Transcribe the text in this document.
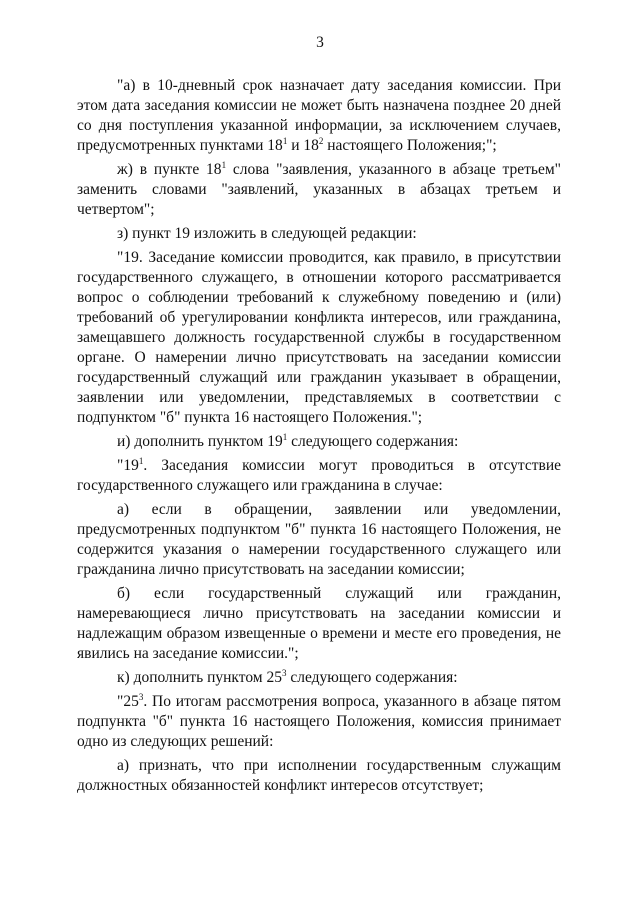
3

"а) в 10-дневный срок назначает дату заседания комиссии. При этом дата заседания комиссии не может быть назначена позднее 20 дней со дня поступления указанной информации, за исключением случаев, предусмотренных пунктами $18^1$ и $18^2$ настоящего Положения;";

ж) в пункте $18^1$ слова "заявления, указанного в абзаце третьем" заменить словами "заявлений, указанных в абзацах третьем и четвертом";

з) пункт 19 изложить в следующей редакции:

"19. Заседание комиссии проводится, как правило, в присутствии государственного служащего, в отношении которого рассматривается вопрос о соблюдении требований к служебному поведению и (или) требований об урегулировании конфликта интересов, или гражданина, замещавшего должность государственной службы в государственном органе. О намерении лично присутствовать на заседании комиссии государственный служащий или гражданин указывает в обращении, заявлении или уведомлении, представляемых в соответствии с подпунктом "б" пункта 16 настоящего Положения.";

и) дополнить пунктом $19^1$ следующего содержания:

"$19^1$. Заседания комиссии могут проводиться в отсутствие государственного служащего или гражданина в случае:

а) если в обращении, заявлении или уведомлении, предусмотренных подпунктом "б" пункта 16 настоящего Положения, не содержится указания о намерении государственного служащего или гражданина лично присутствовать на заседании комиссии;

б) если государственный служащий или гражданин, намеревающиеся лично присутствовать на заседании комиссии и надлежащим образом извещенные о времени и месте его проведения, не явились на заседание комиссии.";

к) дополнить пунктом $25^3$ следующего содержания:

"$25^3$. По итогам рассмотрения вопроса, указанного в абзаце пятом подпункта "б" пункта 16 настоящего Положения, комиссия принимает одно из следующих решений:

а) признать, что при исполнении государственным служащим должностных обязанностей конфликт интересов отсутствует;
